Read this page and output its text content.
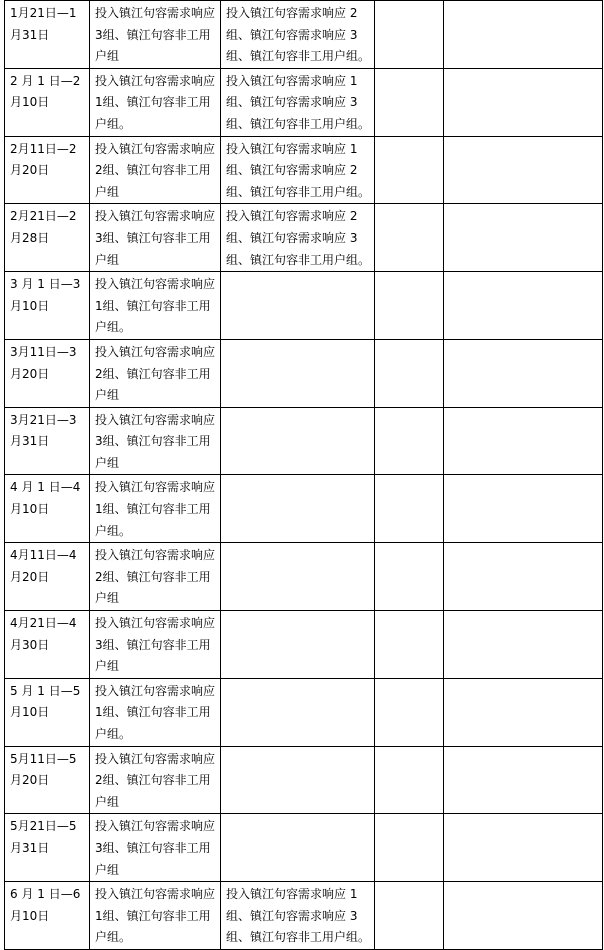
1月21日—1月31日	投入镇江句容需求响应3组、镇江句容非工用户组	投入镇江句容需求响应 2组、镇江句容需求响应 3组、镇江句容非工用户组。		
2 月 1 日—2月10日	投入镇江句容需求响应1组、镇江句容非工用户组。	投入镇江句容需求响应 1组、镇江句容需求响应 3组、镇江句容非工用户组。		
2月11日—2月20日	投入镇江句容需求响应2组、镇江句容非工用户组	投入镇江句容需求响应 1组、镇江句容需求响应 2组、镇江句容非工用户组。		
2月21日—2月28日	投入镇江句容需求响应3组、镇江句容非工用户组	投入镇江句容需求响应 2组、镇江句容需求响应 3组、镇江句容非工用户组。		
3 月 1 日—3月10日	投入镇江句容需求响应1组、镇江句容非工用户组。			
3月11日—3月20日	投入镇江句容需求响应2组、镇江句容非工用户组			
3月21日—3月31日	投入镇江句容需求响应3组、镇江句容非工用户组			
4 月 1 日—4月10日	投入镇江句容需求响应1组、镇江句容非工用户组。			
4月11日—4月20日	投入镇江句容需求响应2组、镇江句容非工用户组			
4月21日—4月30日	投入镇江句容需求响应3组、镇江句容非工用户组			
5 月 1 日—5月10日	投入镇江句容需求响应1组、镇江句容非工用户组。			
5月11日—5月20日	投入镇江句容需求响应2组、镇江句容非工用户组			
5月21日—5月31日	投入镇江句容需求响应3组、镇江句容非工用户组			
6 月 1 日—6月10日	投入镇江句容需求响应1组、镇江句容非工用户组。	投入镇江句容需求响应 1组、镇江句容需求响应 3组、镇江句容非工用户组。		
